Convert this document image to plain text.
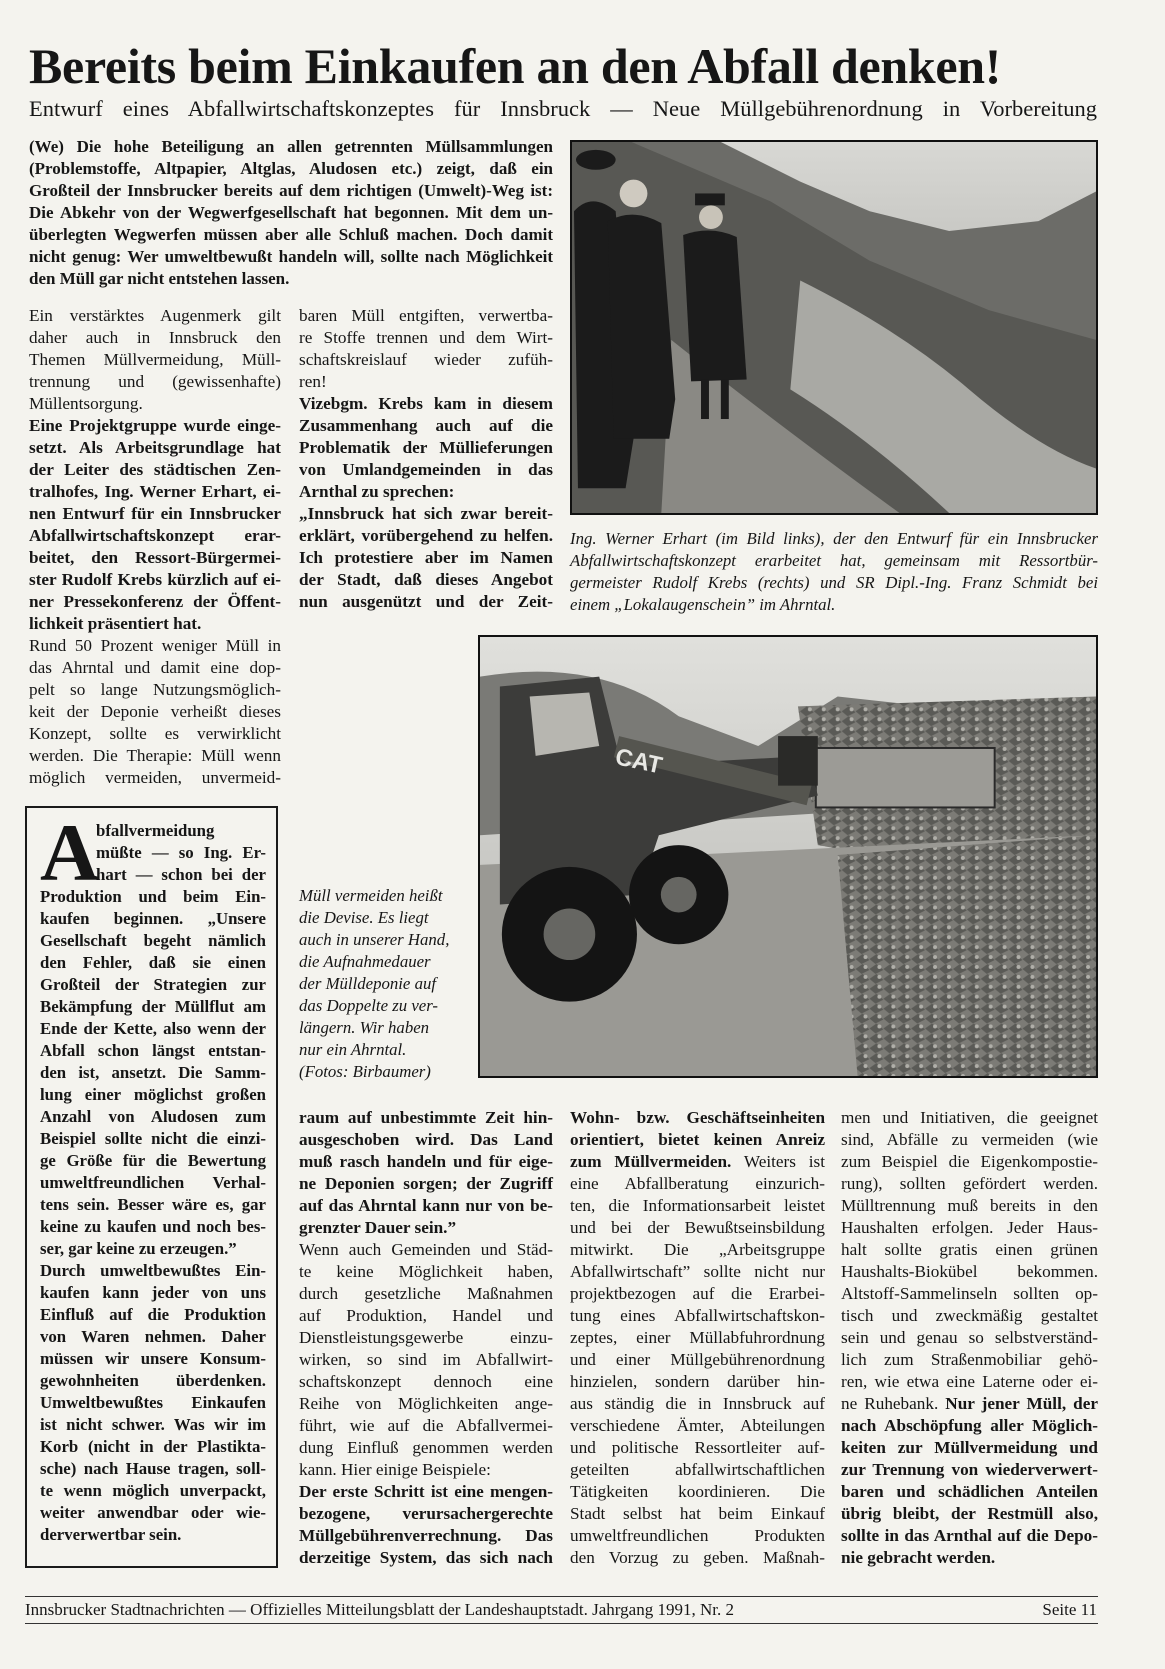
Bereits beim Einkaufen an den Abfall denken!
Entwurf eines Abfallwirtschaftskonzeptes für Innsbruck — Neue Müllgebührenordnung in Vorbereitung
(We) Die hohe Beteiligung an allen getrennten Müllsammlungen
(Problemstoffe, Altpapier, Altglas, Aludosen etc.) zeigt, daß ein
Großteil der Innsbrucker bereits auf dem richtigen (Umwelt)-Weg ist:
Die Abkehr von der Wegwerfgesellschaft hat begonnen. Mit dem un-
überlegten Wegwerfen müssen aber alle Schluß machen. Doch damit
nicht genug: Wer umweltbewußt handeln will, sollte nach Möglichkeit
den Müll gar nicht entstehen lassen.
Ing. Werner Erhart (im Bild links), der den Entwurf für ein Innsbrucker
Abfallwirtschaftskonzept erarbeitet hat, gemeinsam mit Ressortbür-
germeister Rudolf Krebs (rechts) und SR Dipl.-Ing. Franz Schmidt bei
einem „Lokalaugenschein” im Ahrntal.
CAT
Müll vermeiden heißt
die Devise. Es liegt
auch in unserer Hand,
die Aufnahmedauer
der Mülldeponie auf
das Doppelte zu ver-
längern. Wir haben
nur ein Ahrntal.
(Fotos: Birbaumer)
Ein verstärktes Augenmerk gilt
daher auch in Innsbruck den
Themen Müllvermeidung, Müll-
trennung und (gewissenhafte)
Müllentsorgung.
Eine Projektgruppe wurde einge-
setzt. Als Arbeitsgrundlage hat
der Leiter des städtischen Zen-
tralhofes, Ing. Werner Erhart, ei-
nen Entwurf für ein Innsbrucker
Abfallwirtschaftskonzept erar-
beitet, den Ressort-Bürgermei-
ster Rudolf Krebs kürzlich auf ei-
ner Pressekonferenz der Öffent-
lichkeit präsentiert hat.
Rund 50 Prozent weniger Müll in
das Ahrntal und damit eine dop-
pelt so lange Nutzungsmöglich-
keit der Deponie verheißt dieses
Konzept, sollte es verwirklicht
werden. Die Therapie: Müll wenn
möglich vermeiden, unvermeid-
baren Müll entgiften, verwertba-
re Stoffe trennen und dem Wirt-
schaftskreislauf wieder zufüh-
ren!
Vizebgm. Krebs kam in diesem
Zusammenhang auch auf die
Problematik der Müllieferungen
von Umlandgemeinden in das
Arnthal zu sprechen:
„Innsbruck hat sich zwar bereit-
erklärt, vorübergehend zu helfen.
Ich protestiere aber im Namen
der Stadt, daß dieses Angebot
nun ausgenützt und der Zeit-
A
bfallvermeidung
müßte — so Ing. Er-
hart — schon bei der
Produktion und beim Ein-
kaufen beginnen. „Unsere
Gesellschaft begeht nämlich
den Fehler, daß sie einen
Großteil der Strategien zur
Bekämpfung der Müllflut am
Ende der Kette, also wenn der
Abfall schon längst entstan-
den ist, ansetzt. Die Samm-
lung einer möglichst großen
Anzahl von Aludosen zum
Beispiel sollte nicht die einzi-
ge Größe für die Bewertung
umweltfreundlichen Verhal-
tens sein. Besser wäre es, gar
keine zu kaufen und noch bes-
ser, gar keine zu erzeugen.”
Durch umweltbewußtes Ein-
kaufen kann jeder von uns
Einfluß auf die Produktion
von Waren nehmen. Daher
müssen wir unsere Konsum-
gewohnheiten überdenken.
Umweltbewußtes Einkaufen
ist nicht schwer. Was wir im
Korb (nicht in der Plastikta-
sche) nach Hause tragen, soll-
te wenn möglich unverpackt,
weiter anwendbar oder wie-
derverwertbar sein.
raum auf unbestimmte Zeit hin-
ausgeschoben wird. Das Land
muß rasch handeln und für eige-
ne Deponien sorgen; der Zugriff
auf das Ahrntal kann nur von be-
grenzter Dauer sein.”
Wenn auch Gemeinden und Städ-
te keine Möglichkeit haben,
durch gesetzliche Maßnahmen
auf Produktion, Handel und
Dienstleistungsgewerbe einzu-
wirken, so sind im Abfallwirt-
schaftskonzept dennoch eine
Reihe von Möglichkeiten ange-
führt, wie auf die Abfallvermei-
dung Einfluß genommen werden
kann. Hier einige Beispiele:
Der erste Schritt ist eine mengen-
bezogene, verursachergerechte
Müllgebührenverrechnung. Das
derzeitige System, das sich nach
Wohn- bzw. Geschäftseinheiten
orientiert, bietet keinen Anreiz
zum Müllvermeiden. Weiters ist
eine Abfallberatung einzurich-
ten, die Informationsarbeit leistet
und bei der Bewußtseinsbildung
mitwirkt. Die „Arbeitsgruppe
Abfallwirtschaft” sollte nicht nur
projektbezogen auf die Erarbei-
tung eines Abfallwirtschaftskon-
zeptes, einer Müllabfuhrordnung
und einer Müllgebührenordnung
hinzielen, sondern darüber hin-
aus ständig die in Innsbruck auf
verschiedene Ämter, Abteilungen
und politische Ressortleiter auf-
geteilten abfallwirtschaftlichen
Tätigkeiten koordinieren. Die
Stadt selbst hat beim Einkauf
umweltfreundlichen Produkten
den Vorzug zu geben. Maßnah-
men und Initiativen, die geeignet
sind, Abfälle zu vermeiden (wie
zum Beispiel die Eigenkompostie-
rung), sollten gefördert werden.
Mülltrennung muß bereits in den
Haushalten erfolgen. Jeder Haus-
halt sollte gratis einen grünen
Haushalts-Biokübel bekommen.
Altstoff-Sammelinseln sollten op-
tisch und zweckmäßig gestaltet
sein und genau so selbstverständ-
lich zum Straßenmobiliar gehö-
ren, wie etwa eine Laterne oder ei-
ne Ruhebank. Nur jener Müll, der
nach Abschöpfung aller Möglich-
keiten zur Müllvermeidung und
zur Trennung von wiederverwert-
baren und schädlichen Anteilen
übrig bleibt, der Restmüll also,
sollte in das Arnthal auf die Depo-
nie gebracht werden.
Innsbrucker Stadtnachrichten — Offizielles Mitteilungsblatt der Landeshauptstadt. Jahrgang 1991, Nr. 2	Seite 11
